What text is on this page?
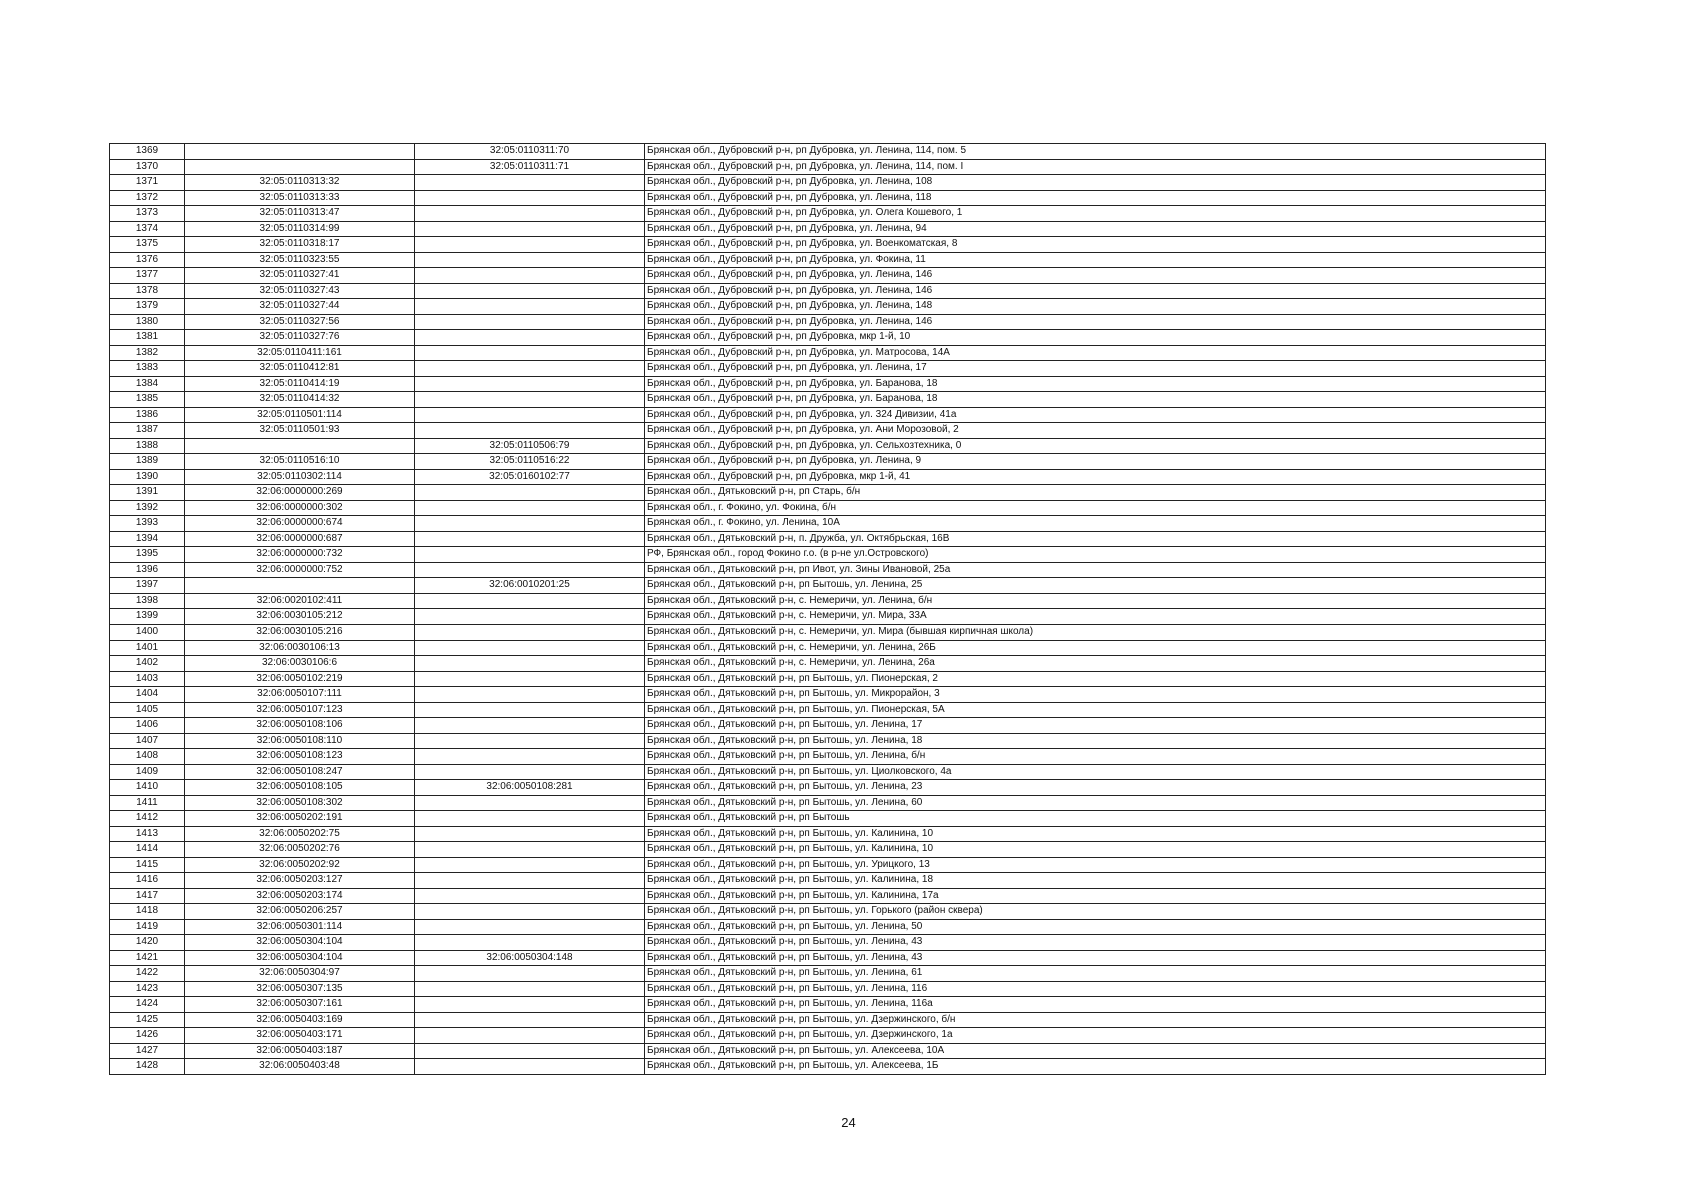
1369		32:05:0110311:70	Брянская обл., Дубровский р-н, рп Дубровка, ул. Ленина, 114, пом. 5
1370		32:05:0110311:71	Брянская обл., Дубровский р-н, рп Дубровка, ул. Ленина, 114, пом. I
1371	32:05:0110313:32		Брянская обл., Дубровский р-н, рп Дубровка, ул. Ленина, 108
1372	32:05:0110313:33		Брянская обл., Дубровский р-н, рп Дубровка, ул. Ленина, 118
1373	32:05:0110313:47		Брянская обл., Дубровский р-н, рп Дубровка, ул. Олега Кошевого, 1
1374	32:05:0110314:99		Брянская обл., Дубровский р-н, рп Дубровка, ул. Ленина, 94
1375	32:05:0110318:17		Брянская обл., Дубровский р-н, рп Дубровка, ул. Военкоматская, 8
1376	32:05:0110323:55		Брянская обл., Дубровский р-н, рп Дубровка, ул. Фокина, 11
1377	32:05:0110327:41		Брянская обл., Дубровский р-н, рп Дубровка, ул. Ленина, 146
1378	32:05:0110327:43		Брянская обл., Дубровский р-н, рп Дубровка, ул. Ленина, 146
1379	32:05:0110327:44		Брянская обл., Дубровский р-н, рп Дубровка, ул. Ленина, 148
1380	32:05:0110327:56		Брянская обл., Дубровский р-н, рп Дубровка, ул. Ленина, 146
1381	32:05:0110327:76		Брянская обл., Дубровский р-н, рп Дубровка, мкр 1-й, 10
1382	32:05:0110411:161		Брянская обл., Дубровский р-н, рп Дубровка, ул. Матросова, 14А
1383	32:05:0110412:81		Брянская обл., Дубровский р-н, рп Дубровка, ул. Ленина, 17
1384	32:05:0110414:19		Брянская обл., Дубровский р-н, рп Дубровка, ул. Баранова, 18
1385	32:05:0110414:32		Брянская обл., Дубровский р-н, рп Дубровка, ул. Баранова, 18
1386	32:05:0110501:114		Брянская обл., Дубровский р-н, рп Дубровка, ул. 324 Дивизии, 41а
1387	32:05:0110501:93		Брянская обл., Дубровский р-н, рп Дубровка, ул. Ани Морозовой, 2
1388		32:05:0110506:79	Брянская обл., Дубровский р-н, рп Дубровка, ул. Сельхозтехника, 0
1389	32:05:0110516:10	32:05:0110516:22	Брянская обл., Дубровский р-н, рп Дубровка, ул. Ленина, 9
1390	32:05:0110302:114	32:05:0160102:77	Брянская обл., Дубровский р-н, рп Дубровка, мкр 1-й, 41
1391	32:06:0000000:269		Брянская обл., Дятьковский р-н, рп Старь, б/н
1392	32:06:0000000:302		Брянская обл., г. Фокино, ул. Фокина, б/н
1393	32:06:0000000:674		Брянская обл., г. Фокино, ул. Ленина, 10А
1394	32:06:0000000:687		Брянская обл., Дятьковский р-н, п. Дружба, ул. Октябрьская, 16В
1395	32:06:0000000:732		РФ, Брянская обл., город Фокино г.о. (в р-не ул.Островского)
1396	32:06:0000000:752		Брянская обл., Дятьковский р-н, рп Ивот, ул. Зины Ивановой, 25а
1397		32:06:0010201:25	Брянская обл., Дятьковский р-н, рп Бытошь, ул. Ленина, 25
1398	32:06:0020102:411		Брянская обл., Дятьковский р-н, с. Немеричи, ул. Ленина, б/н
1399	32:06:0030105:212		Брянская обл., Дятьковский р-н, с. Немеричи, ул. Мира, 33А
1400	32:06:0030105:216		Брянская обл., Дятьковский р-н, с. Немеричи, ул. Мира (бывшая кирпичная школа)
1401	32:06:0030106:13		Брянская обл., Дятьковский р-н, с. Немеричи, ул. Ленина, 26Б
1402	32:06:0030106:6		Брянская обл., Дятьковский р-н, с. Немеричи, ул. Ленина, 26а
1403	32:06:0050102:219		Брянская обл., Дятьковский р-н, рп Бытошь, ул. Пионерская, 2
1404	32:06:0050107:111		Брянская обл., Дятьковский р-н, рп Бытошь, ул. Микрорайон, 3
1405	32:06:0050107:123		Брянская обл., Дятьковский р-н, рп Бытошь, ул. Пионерская, 5А
1406	32:06:0050108:106		Брянская обл., Дятьковский р-н, рп Бытошь, ул. Ленина, 17
1407	32:06:0050108:110		Брянская обл., Дятьковский р-н, рп Бытошь, ул. Ленина, 18
1408	32:06:0050108:123		Брянская обл., Дятьковский р-н, рп Бытошь, ул. Ленина, б/н
1409	32:06:0050108:247		Брянская обл., Дятьковский р-н, рп Бытошь, ул. Циолковского, 4а
1410	32:06:0050108:105	32:06:0050108:281	Брянская обл., Дятьковский р-н, рп Бытошь, ул. Ленина, 23
1411	32:06:0050108:302		Брянская обл., Дятьковский р-н, рп Бытошь, ул. Ленина, 60
1412	32:06:0050202:191		Брянская обл., Дятьковский р-н, рп Бытошь
1413	32:06:0050202:75		Брянская обл., Дятьковский р-н, рп Бытошь, ул. Калинина, 10
1414	32:06:0050202:76		Брянская обл., Дятьковский р-н, рп Бытошь, ул. Калинина, 10
1415	32:06:0050202:92		Брянская обл., Дятьковский р-н, рп Бытошь, ул. Урицкого, 13
1416	32:06:0050203:127		Брянская обл., Дятьковский р-н, рп Бытошь, ул. Калинина, 18
1417	32:06:0050203:174		Брянская обл., Дятьковский р-н, рп Бытошь, ул. Калинина, 17а
1418	32:06:0050206:257		Брянская обл., Дятьковский р-н, рп Бытошь, ул. Горького (район сквера)
1419	32:06:0050301:114		Брянская обл., Дятьковский р-н, рп Бытошь, ул. Ленина, 50
1420	32:06:0050304:104		Брянская обл., Дятьковский р-н, рп Бытошь, ул. Ленина, 43
1421	32:06:0050304:104	32:06:0050304:148	Брянская обл., Дятьковский р-н, рп Бытошь, ул. Ленина, 43
1422	32:06:0050304:97		Брянская обл., Дятьковский р-н, рп Бытошь, ул. Ленина, 61
1423	32:06:0050307:135		Брянская обл., Дятьковский р-н, рп Бытошь, ул. Ленина, 116
1424	32:06:0050307:161		Брянская обл., Дятьковский р-н, рп Бытошь, ул. Ленина, 116а
1425	32:06:0050403:169		Брянская обл., Дятьковский р-н, рп Бытошь, ул. Дзержинского, б/н
1426	32:06:0050403:171		Брянская обл., Дятьковский р-н, рп Бытошь, ул. Дзержинского, 1а
1427	32:06:0050403:187		Брянская обл., Дятьковский р-н, рп Бытошь, ул. Алексеева, 10А
1428	32:06:0050403:48		Брянская обл., Дятьковский р-н, рп Бытошь, ул. Алексеева, 1Б
24
